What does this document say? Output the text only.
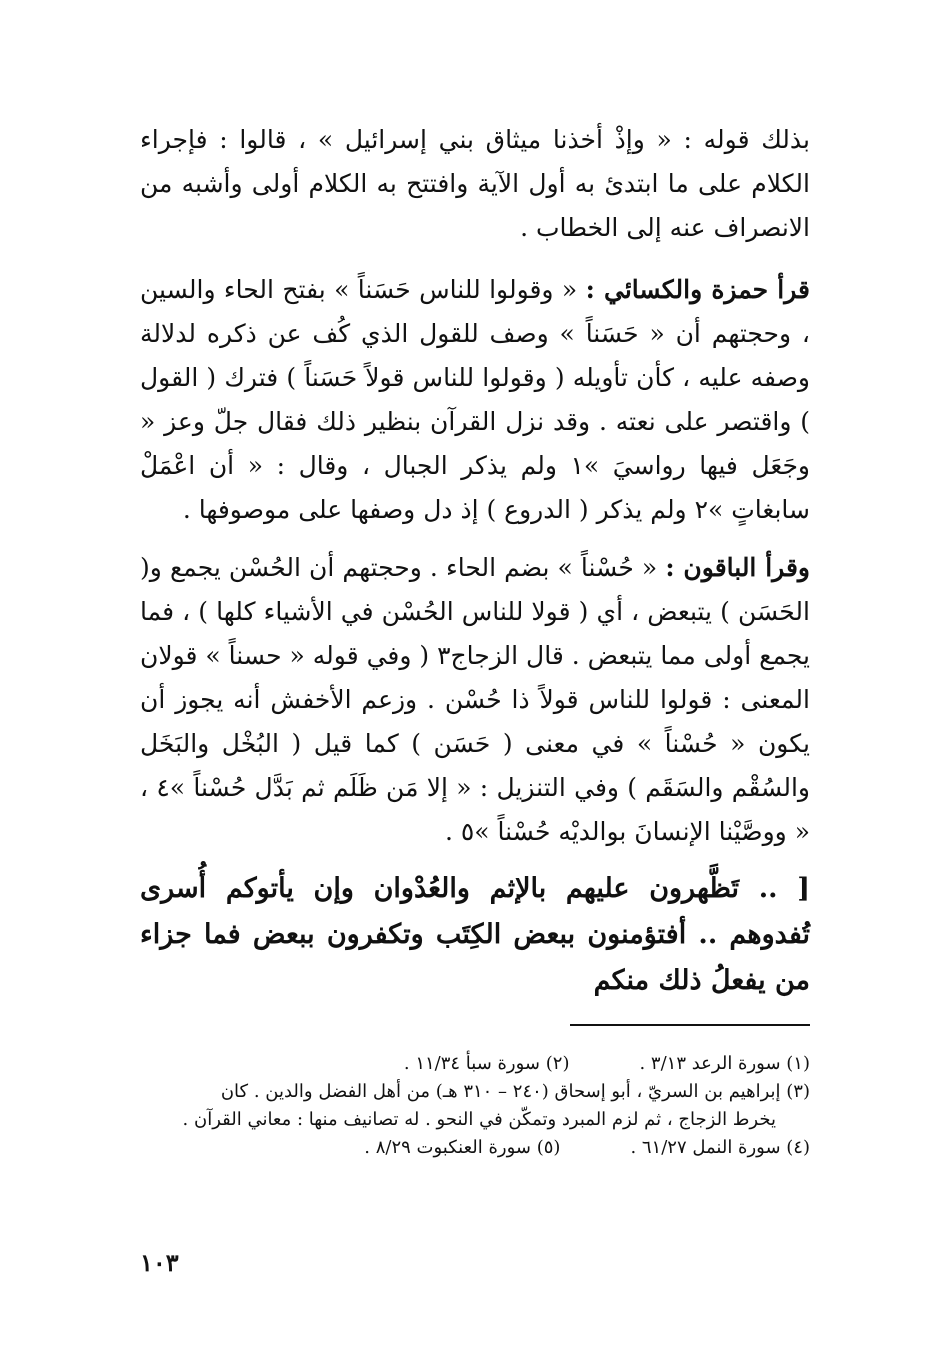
بذلك قوله : « وإذْ أخذنا ميثاق بني إسرائيل » ، قالوا : فإجراء الكلام على ما ابتدئ به أول الآية وافتتح به الكلام أولى وأشبه من الانصراف عنه إلى الخطاب .

قرأ حمزة والكسائي : « وقولوا للناس حَسَناً » بفتح الحاء والسين ، وحجتهم أن « حَسَناً » وصف للقول الذي كُف عن ذكره لدلالة وصفه عليه ، كأن تأويله ( وقولوا للناس قولاً حَسَناً ) فترك ( القول ) واقتصر على نعته . وقد نزل القرآن بنظير ذلك فقال جلّ وعز « وجَعَل فيها رواسيَ »١ ولم يذكر الجبال ، وقال : « أن اعْمَلْ سابغاتٍ »٢ ولم يذكر ( الدروع ) إذ دل وصفها على موصوفها .

وقرأ الباقون : « حُسْناً » بضم الحاء . وحجتهم أن الحُسْن يجمع و( الحَسَن ) يتبعض ، أي ( قولا للناس الحُسْن في الأشياء كلها ) ، فما يجمع أولى مما يتبعض . قال الزجاج٣ ( وفي قوله « حسناً » قولان المعنى : قولوا للناس قولاً ذا حُسْن . وزعم الأخفش أنه يجوز أن يكون « حُسْناً » في معنى ( حَسَن ) كما قيل ( البُخْل والبَخَل والسُقْم والسَقَم ) وفي التنزيل : « إلا مَن ظَلَم ثم بَدَّل حُسْناً »٤ ، « ووصَّيْنا الإنسانَ بوالديْه حُسْناً »٥ .

[ .. تَظَّهرون عليهم بالإثم والعُدْوان وإن يأتوكم أُسرى تُفدوهم .. أفتؤمنون ببعض الكِتَب وتكفرون ببعض فما جزاء من يفعلُ ذلك منكم

(١) سورة الرعد ٣/١٣ .
(٢) سورة سبأ ١١/٣٤ .
(٣) إبراهيم بن السريّ ، أبو إسحاق (٢٤٠ – ٣١٠ هـ) من أهل الفضل والدين . كان
يخرط الزجاج ، ثم لزم المبرد وتمكّن في النحو . له تصانيف منها : معاني القرآن .
(٤) سورة النمل ٦١/٢٧ .
(٥) سورة العنكبوت ٨/٢٩ .
١٠٣
